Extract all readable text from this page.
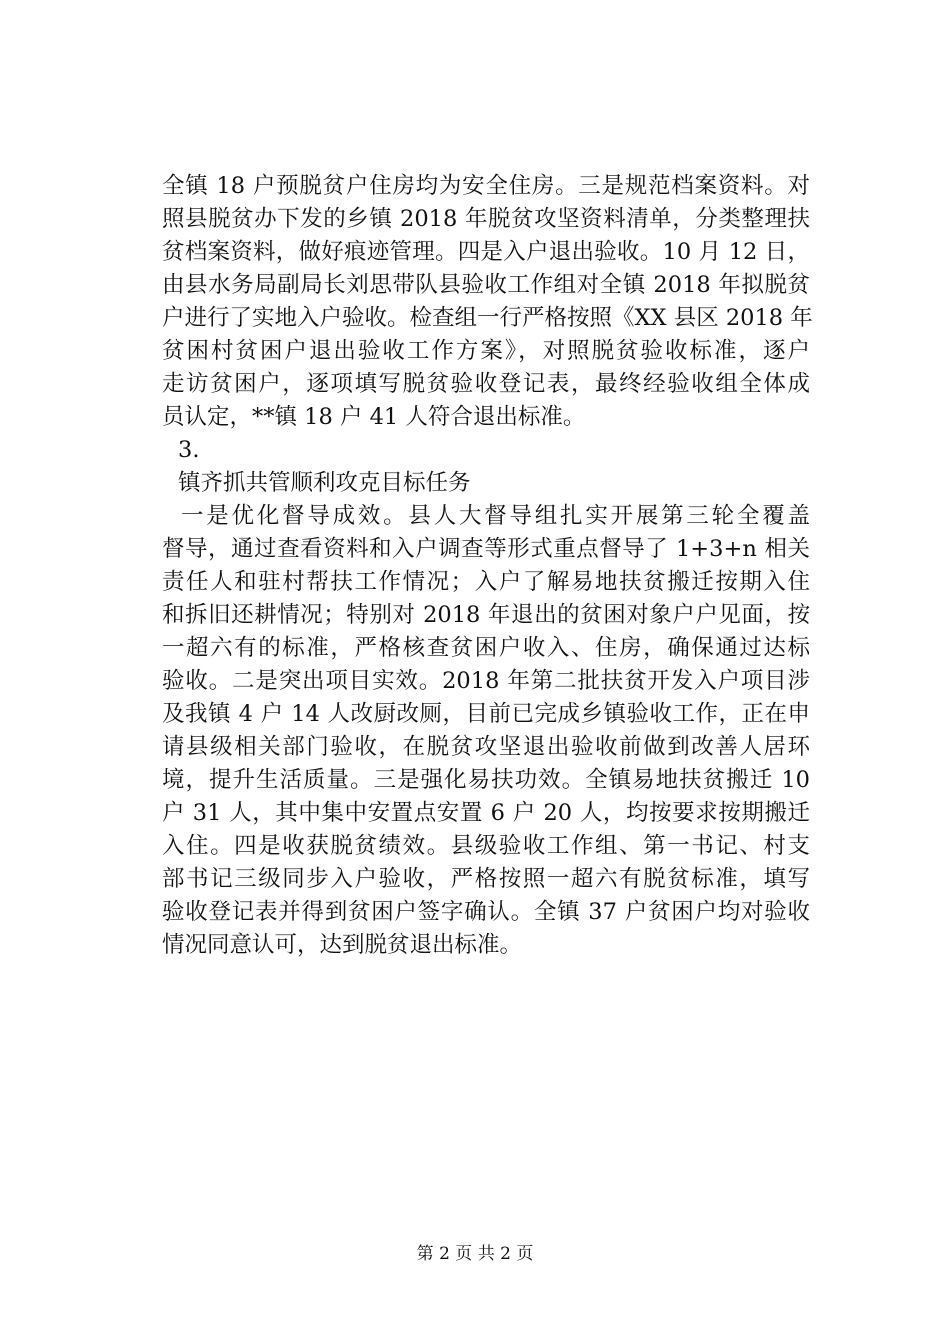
全镇 18 户预脱贫户住房均为安全住房。三是规范档案资料。对
照县脱贫办下发的乡镇 2018 年脱贫攻坚资料清单，分类整理扶
贫档案资料，做好痕迹管理。四是入户退出验收。10 月 12 日，
由县水务局副局长刘思带队县验收工作组对全镇 2018 年拟脱贫
户进行了实地入户验收。检查组一行严格按照《XX 县区 2018 年
贫困村贫困户退出验收工作方案》，对照脱贫验收标准，逐户
走访贫困户，逐项填写脱贫验收登记表，最终经验收组全体成
员认定，**镇 18 户 41 人符合退出标准。
3.
镇齐抓共管顺利攻克目标任务
一是优化督导成效。县人大督导组扎实开展第三轮全覆盖
督导，通过查看资料和入户调查等形式重点督导了 1+3+n 相关
责任人和驻村帮扶工作情况；入户了解易地扶贫搬迁按期入住
和拆旧还耕情况；特别对 2018 年退出的贫困对象户户见面，按
一超六有的标准，严格核查贫困户收入、住房，确保通过达标
验收。二是突出项目实效。2018 年第二批扶贫开发入户项目涉
及我镇 4 户 14 人改厨改厕，目前已完成乡镇验收工作，正在申
请县级相关部门验收，在脱贫攻坚退出验收前做到改善人居环
境，提升生活质量。三是强化易扶功效。全镇易地扶贫搬迁 10
户 31 人，其中集中安置点安置 6 户 20 人，均按要求按期搬迁
入住。四是收获脱贫绩效。县级验收工作组、第一书记、村支
部书记三级同步入户验收，严格按照一超六有脱贫标准，填写
验收登记表并得到贫困户签字确认。全镇 37 户贫困户均对验收
情况同意认可，达到脱贫退出标准。
第 2 页 共 2 页
